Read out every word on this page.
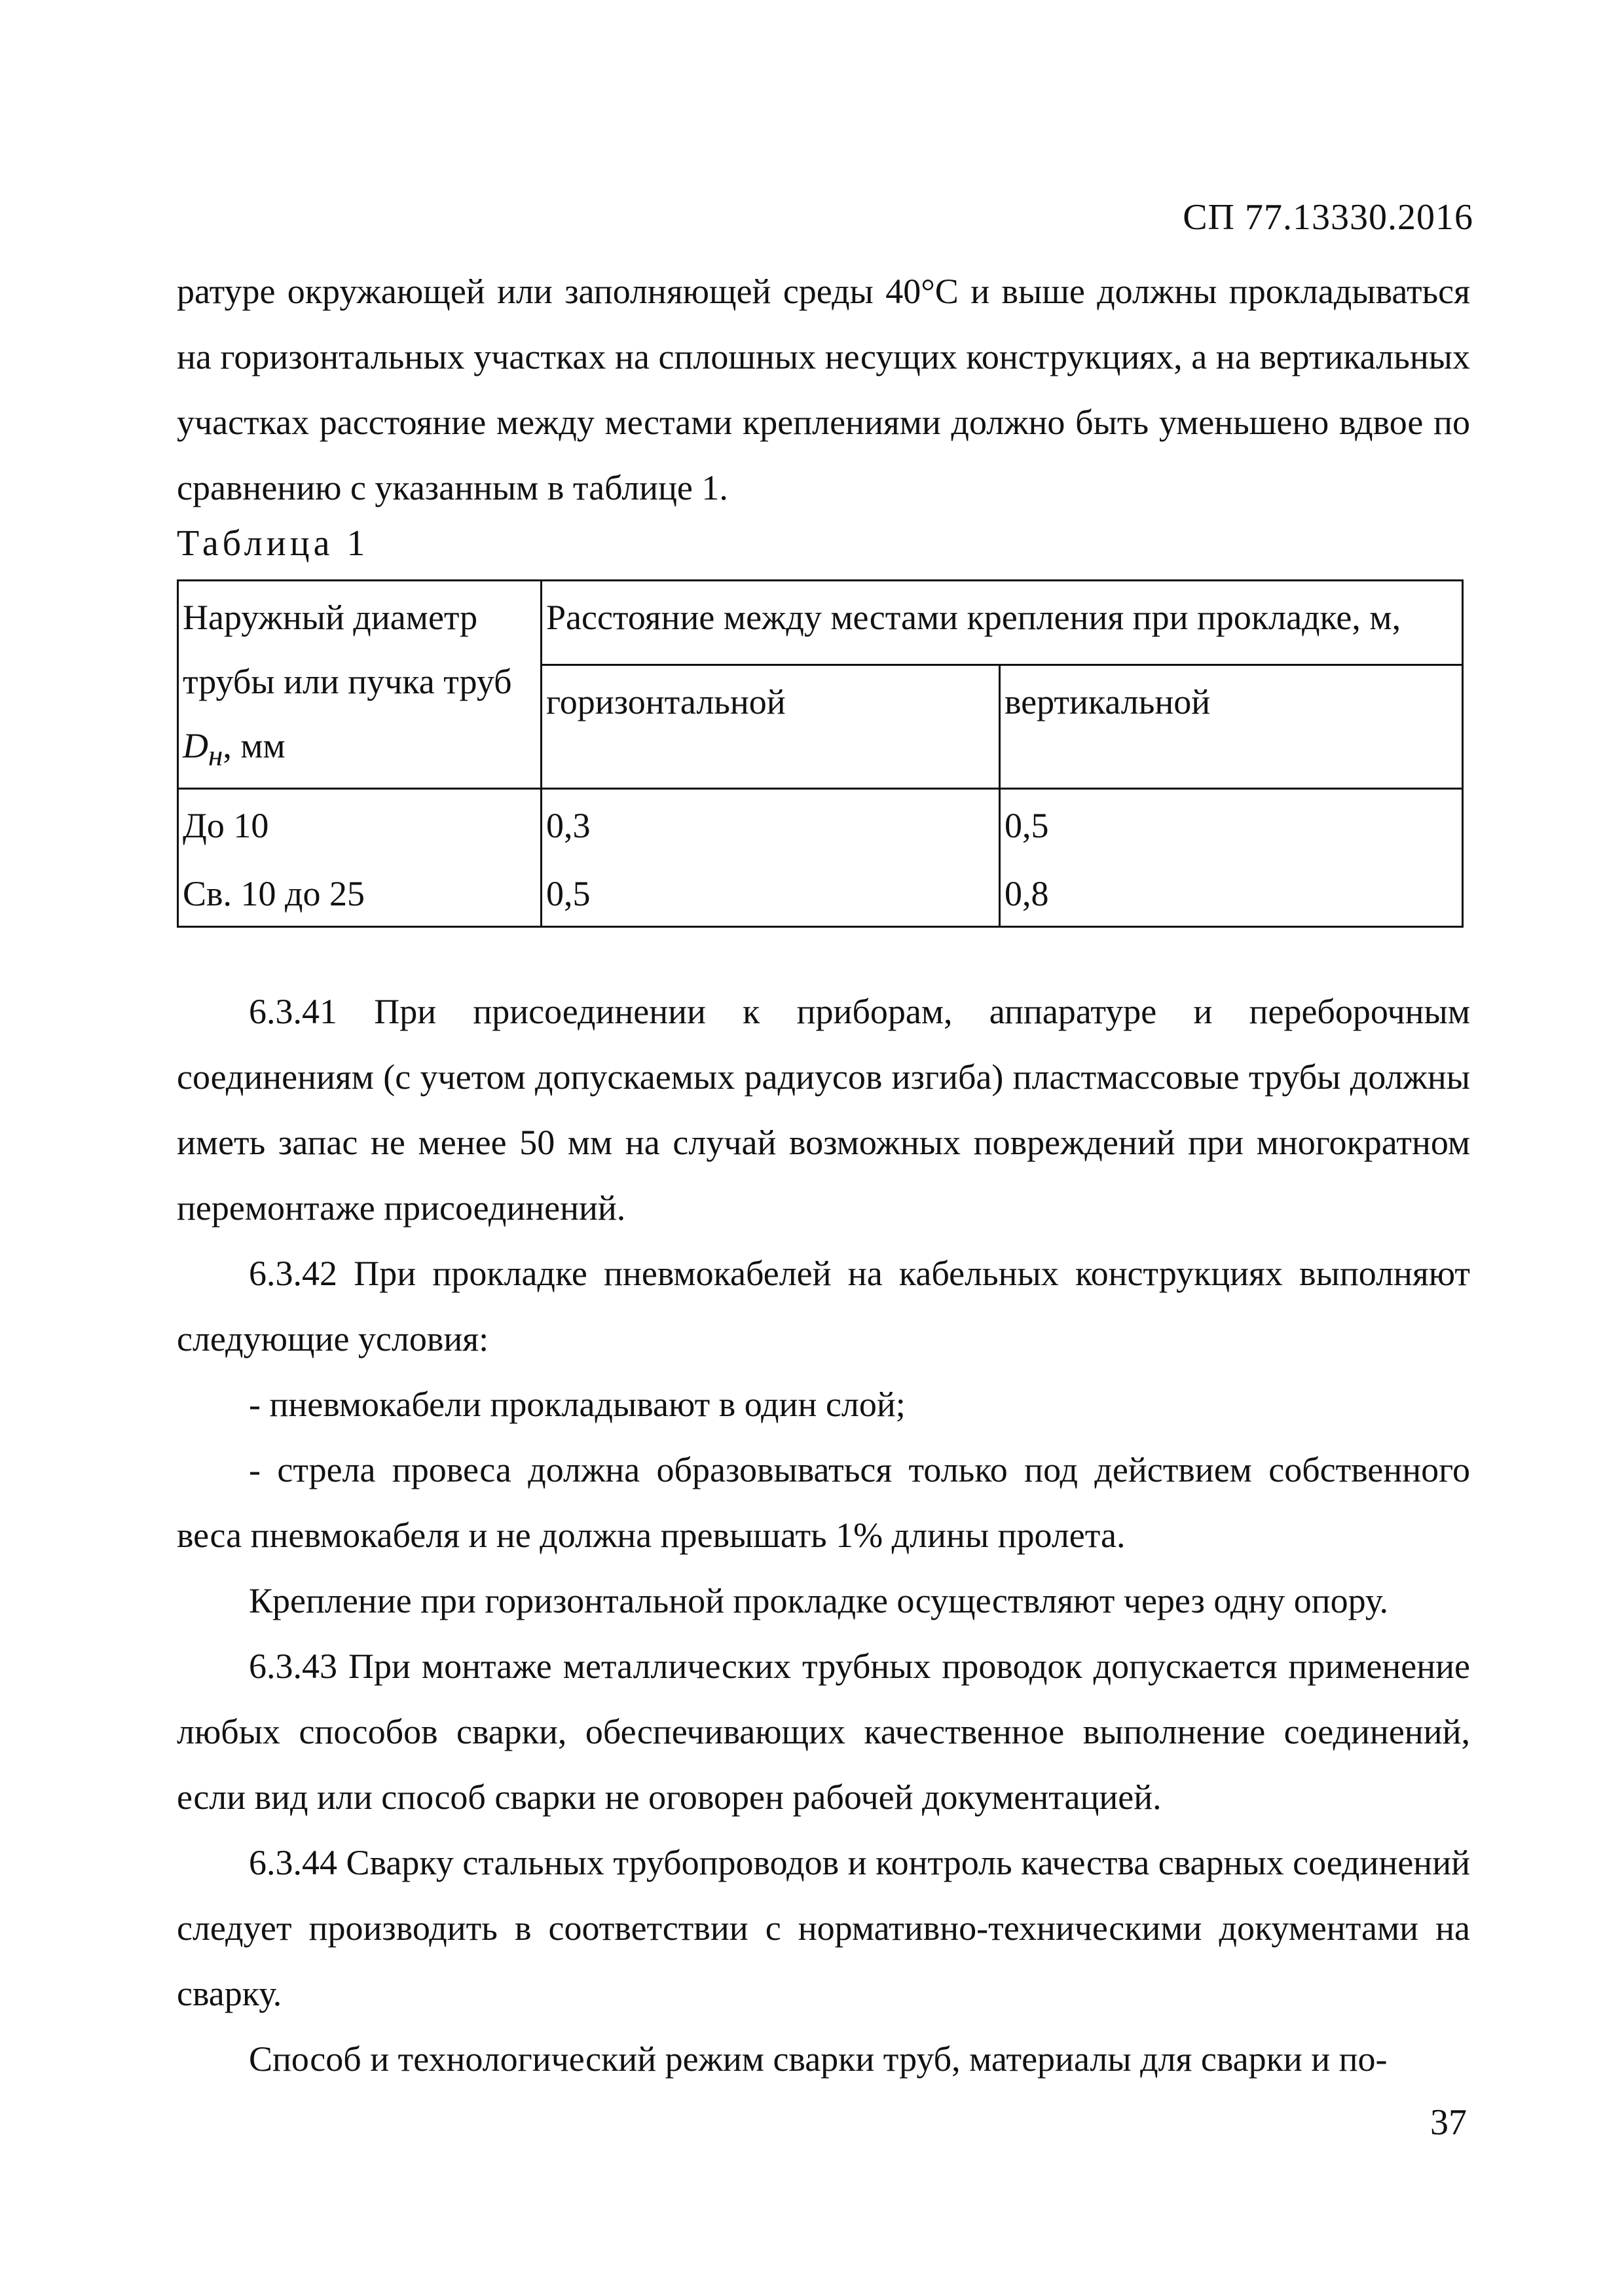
СП 77.13330.2016

ратуре окружающей или заполняющей среды 40°C и выше должны прокладываться на горизонтальных участках на сплошных несущих конструкциях, а на вертикальных участках расстояние между местами креплениями должно быть уменьшено вдвое по сравнению с указанным в таблице 1.

Таблица 1
Наружный диаметр трубы или пучка труб $D_н$, мм	Расстояние между местами крепления при прокладке, м,	
	горизонтальной	вертикальной
До 10	0,3	0,5
Св. 10 до 25	0,5	0,8

6.3.41 При присоединении к приборам, аппаратуре и переборочным соединениям (с учетом допускаемых радиусов изгиба) пластмассовые трубы должны иметь запас не менее 50 мм на случай возможных повреждений при многократном перемонтаже присоединений.

6.3.42 При прокладке пневмокабелей на кабельных конструкциях выполняют следующие условия:

- пневмокабели прокладывают в один слой;

- стрела провеса должна образовываться только под действием собственного веса пневмокабеля и не должна превышать 1% длины пролета.

Крепление при горизонтальной прокладке осуществляют через одну опору.

6.3.43 При монтаже металлических трубных проводок допускается применение любых способов сварки, обеспечивающих качественное выполнение соединений, если вид или способ сварки не оговорен рабочей документацией.

6.3.44 Сварку стальных трубопроводов и контроль качества сварных соединений следует производить в соответствии с нормативно-техническими документами на сварку.

Способ и технологический режим сварки труб, материалы для сварки и по-

37
